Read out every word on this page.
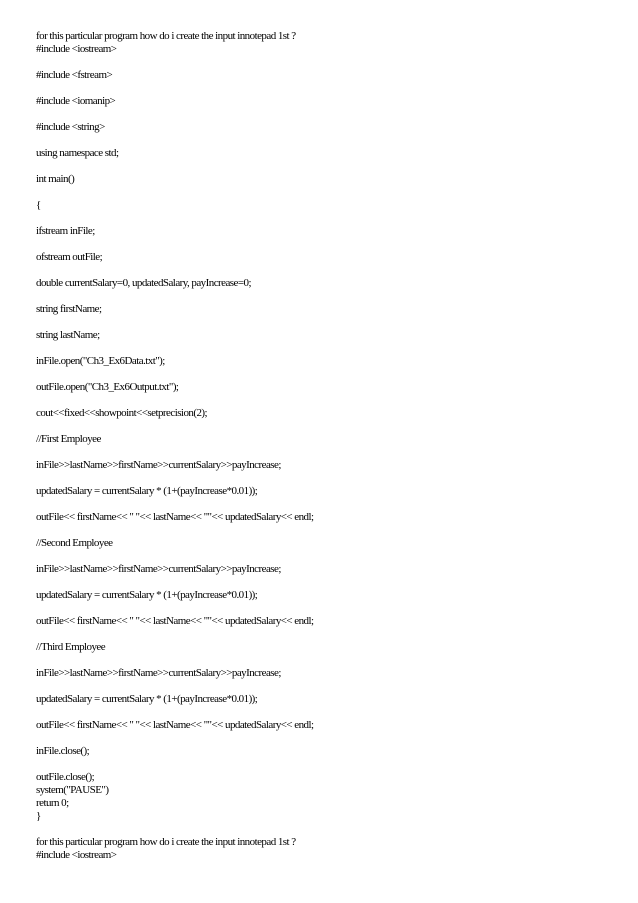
for this particular program how do i create the input innotepad 1st ?

#include <iostream>

#include <fstream>

#include <iomanip>

#include <string>

using namespace std;

int main()

{

ifstream inFile;

ofstream outFile;

double currentSalary=0, updatedSalary, payIncrease=0;

string firstName;

string lastName;

inFile.open("Ch3_Ex6Data.txt");

outFile.open("Ch3_Ex6Output.txt");

cout<<fixed<<showpoint<<setprecision(2);

//First Employee

inFile>>lastName>>firstName>>currentSalary>>payIncrease;

updatedSalary = currentSalary * (1+(payIncrease*0.01));

outFile<< firstName<< " "<< lastName<< ""<< updatedSalary<< endl;

//Second Employee

inFile>>lastName>>firstName>>currentSalary>>payIncrease;

updatedSalary = currentSalary * (1+(payIncrease*0.01));

outFile<< firstName<< " "<< lastName<< ""<< updatedSalary<< endl;

//Third Employee

inFile>>lastName>>firstName>>currentSalary>>payIncrease;

updatedSalary = currentSalary * (1+(payIncrease*0.01));

outFile<< firstName<< " "<< lastName<< ""<< updatedSalary<< endl;

inFile.close();

outFile.close();

system("PAUSE")

return 0;

}

for this particular program how do i create the input innotepad 1st ?

#include <iostream>
